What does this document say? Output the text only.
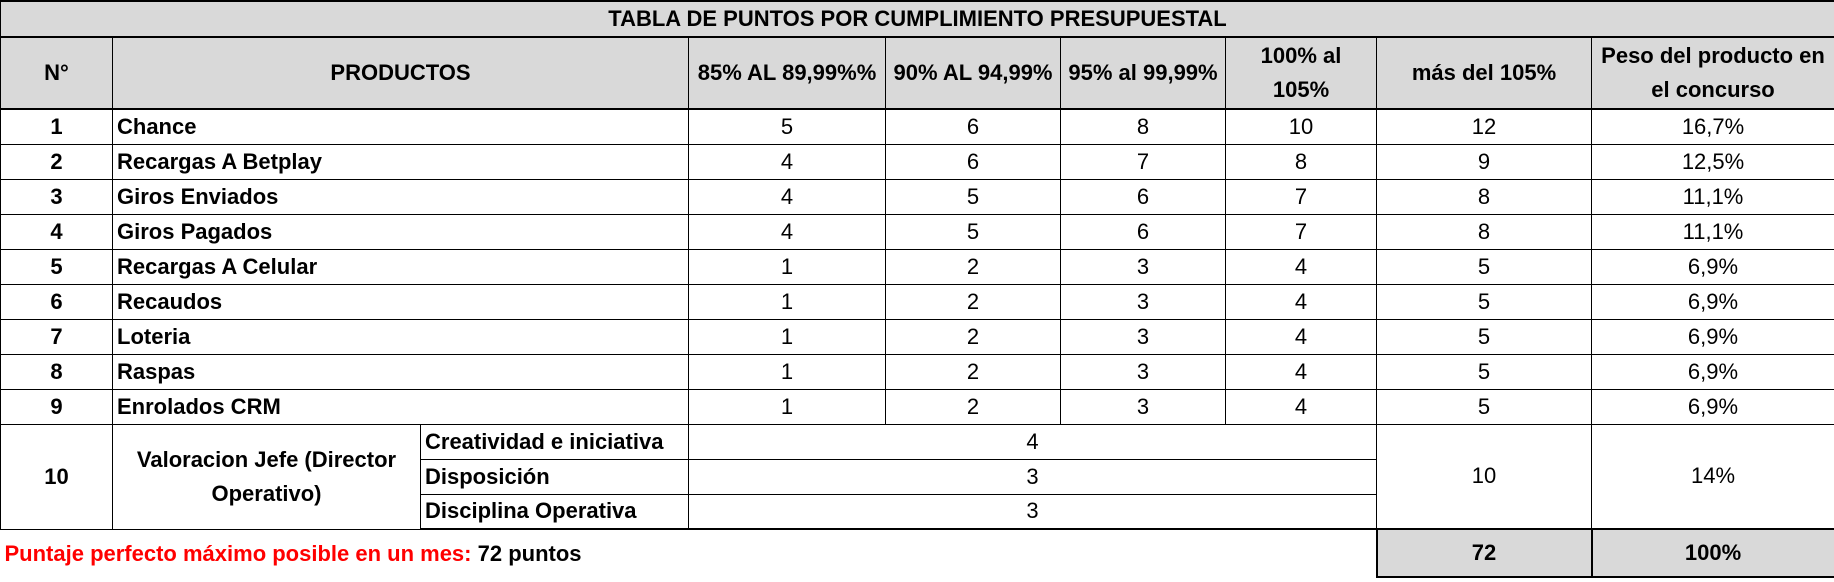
TABLA DE PUNTOS POR CUMPLIMIENTO PRESUPUESTAL								
N°	PRODUCTOS		85% AL 89,99%%	90% AL 94,99%	95% al 99,99%	100% al 105%	más del 105%	Peso del producto en el concurso
1	Chance		5	6	8	10	12	16,7%
2	Recargas A Betplay		4	6	7	8	9	12,5%
3	Giros Enviados		4	5	6	7	8	11,1%
4	Giros Pagados		4	5	6	7	8	11,1%
5	Recargas A Celular		1	2	3	4	5	6,9%
6	Recaudos		1	2	3	4	5	6,9%
7	Loteria		1	2	3	4	5	6,9%
8	Raspas		1	2	3	4	5	6,9%
9	Enrolados CRM		1	2	3	4	5	6,9%
10	Valoracion Jefe (Director Operativo)	Creatividad e iniciativa	4				10	14%
		Disposición	3					
		Disciplina Operativa	3					
Puntaje perfecto máximo posible en un mes: 72 puntos							72	100%
